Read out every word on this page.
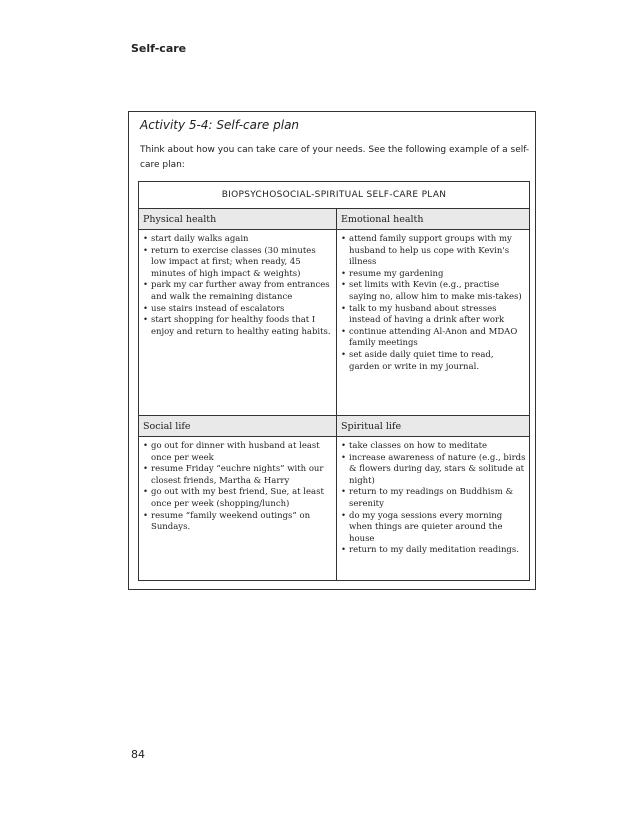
Self-care
Activity 5-4: Self-care plan
Think about how you can take care of your needs. See the following example of a self-care plan:
BIOPSYCHOSOCIAL-SPIRITUAL SELF-CARE PLAN
Physical health	Emotional health
• start daily walks again
• return to exercise classes (30 minutes low impact at first; when ready, 45 minutes of high impact & weights)
• park my car further away from entrances and walk the remaining distance
• use stairs instead of escalators
• start shopping for healthy foods that I enjoy and return to healthy eating habits.
• attend family support groups with my husband to help us cope with Kevin's illness
• resume my gardening
• set limits with Kevin (e.g., practise saying no, allow him to make mis-takes)
• talk to my husband about stresses instead of having a drink after work
• continue attending Al-Anon and MDAO family meetings
• set aside daily quiet time to read, garden or write in my journal.
Social life	Spiritual life
• go out for dinner with husband at least once per week
• resume Friday “euchre nights” with our closest friends, Martha & Harry
• go out with my best friend, Sue, at least once per week (shopping/lunch)
• resume “family weekend outings” on Sundays.
• take classes on how to meditate
• increase awareness of nature (e.g., birds & flowers during day, stars & solitude at night)
• return to my readings on Buddhism & serenity
• do my yoga sessions every morning when things are quieter around the house
• return to my daily meditation readings.
84
